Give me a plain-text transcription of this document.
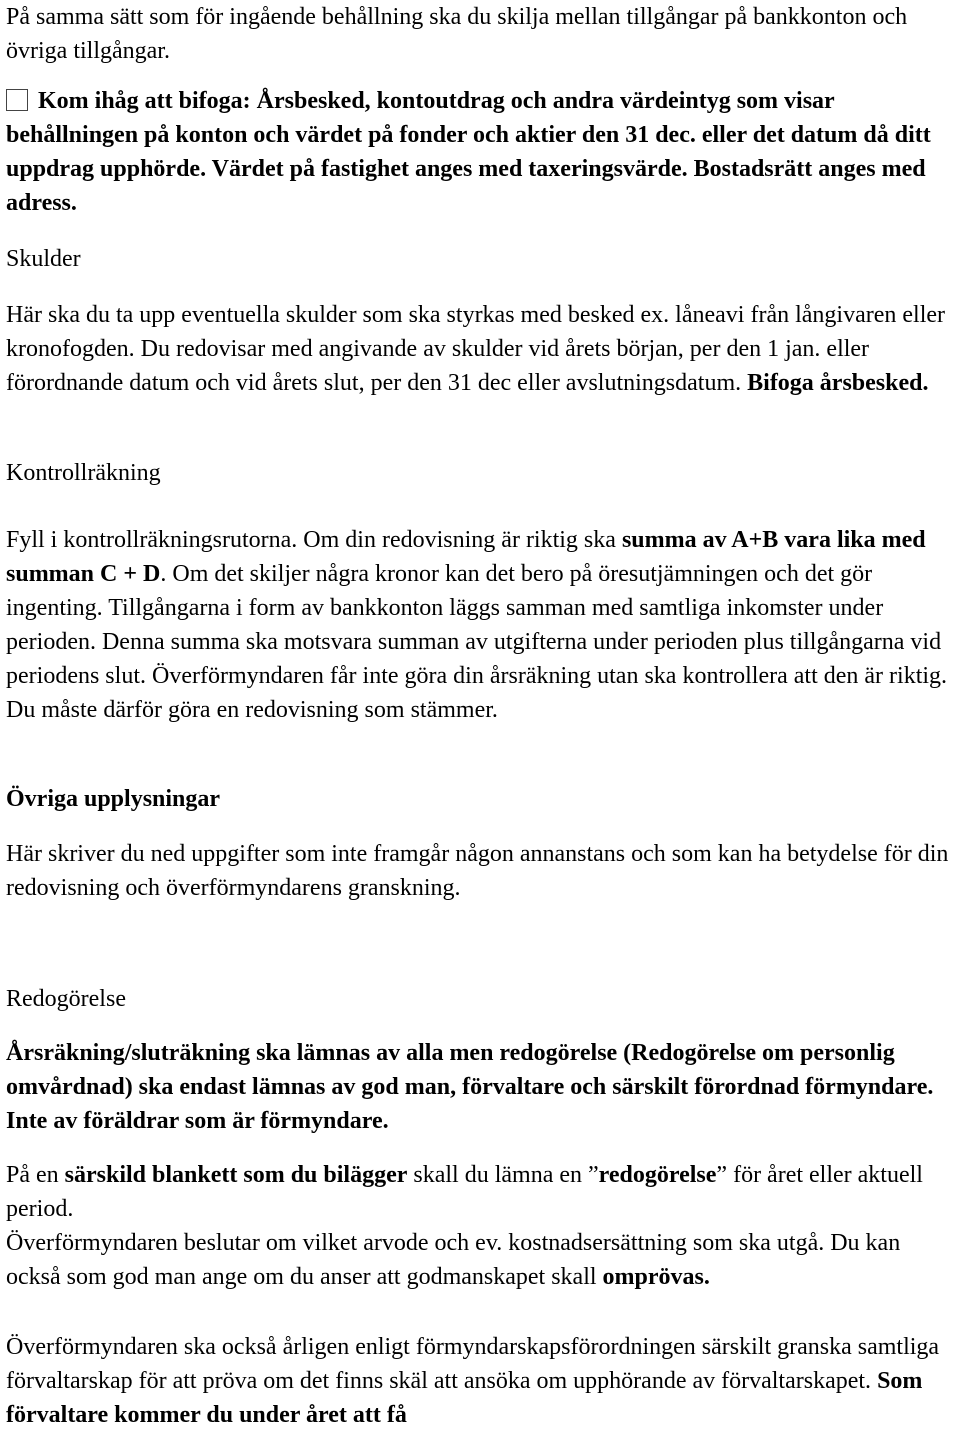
På samma sätt som för ingående behållning ska du skilja mellan tillgångar på bankkonton och övriga tillgångar.

Kom ihåg att bifoga: Årsbesked, kontoutdrag och andra värdeintyg som visar behållningen på konton och värdet på fonder och aktier den 31 dec. eller det datum då ditt uppdrag upphörde. Värdet på fastighet anges med taxeringsvärde. Bostadsrätt anges med adress.

Skulder

Här ska du ta upp eventuella skulder som ska styrkas med besked ex. låneavi från långivaren eller kronofogden. Du redovisar med angivande av skulder vid årets början, per den 1 jan. eller förordnande datum och vid årets slut, per den 31 dec eller avslutningsdatum. Bifoga årsbesked.

Kontrollräkning

Fyll i kontrollräkningsrutorna. Om din redovisning är riktig ska summa av A+B vara lika med summan C + D. Om det skiljer några kronor kan det bero på öresutjämningen och det gör ingenting. Tillgångarna i form av bankkonton läggs samman med samtliga inkomster under perioden. Denna summa ska motsvara summan av utgifterna under perioden plus tillgångarna vid periodens slut. Överförmyndaren får inte göra din årsräkning utan ska kontrollera att den är riktig. Du måste därför göra en redovisning som stämmer.

Övriga upplysningar

Här skriver du ned uppgifter som inte framgår någon annanstans och som kan ha betydelse för din redovisning och överförmyndarens granskning.

Redogörelse

Årsräkning/sluträkning ska lämnas av alla men redogörelse (Redogörelse om personlig omvårdnad) ska endast lämnas av god man, förvaltare och särskilt förordnad förmyndare. Inte av föräldrar som är förmyndare.

På en särskild blankett som du bilägger skall du lämna en ”redogörelse” för året eller aktuell period.

Överförmyndaren beslutar om vilket arvode och ev. kostnadsersättning som ska utgå. Du kan också som god man ange om du anser att godmanskapet skall omprövas.

Överförmyndaren ska också årligen enligt förmyndarskapsförordningen särskilt granska samtliga förvaltarskap för att pröva om det finns skäl att ansöka om upphörande av förvaltarskapet. Som förvaltare kommer du under året att få
